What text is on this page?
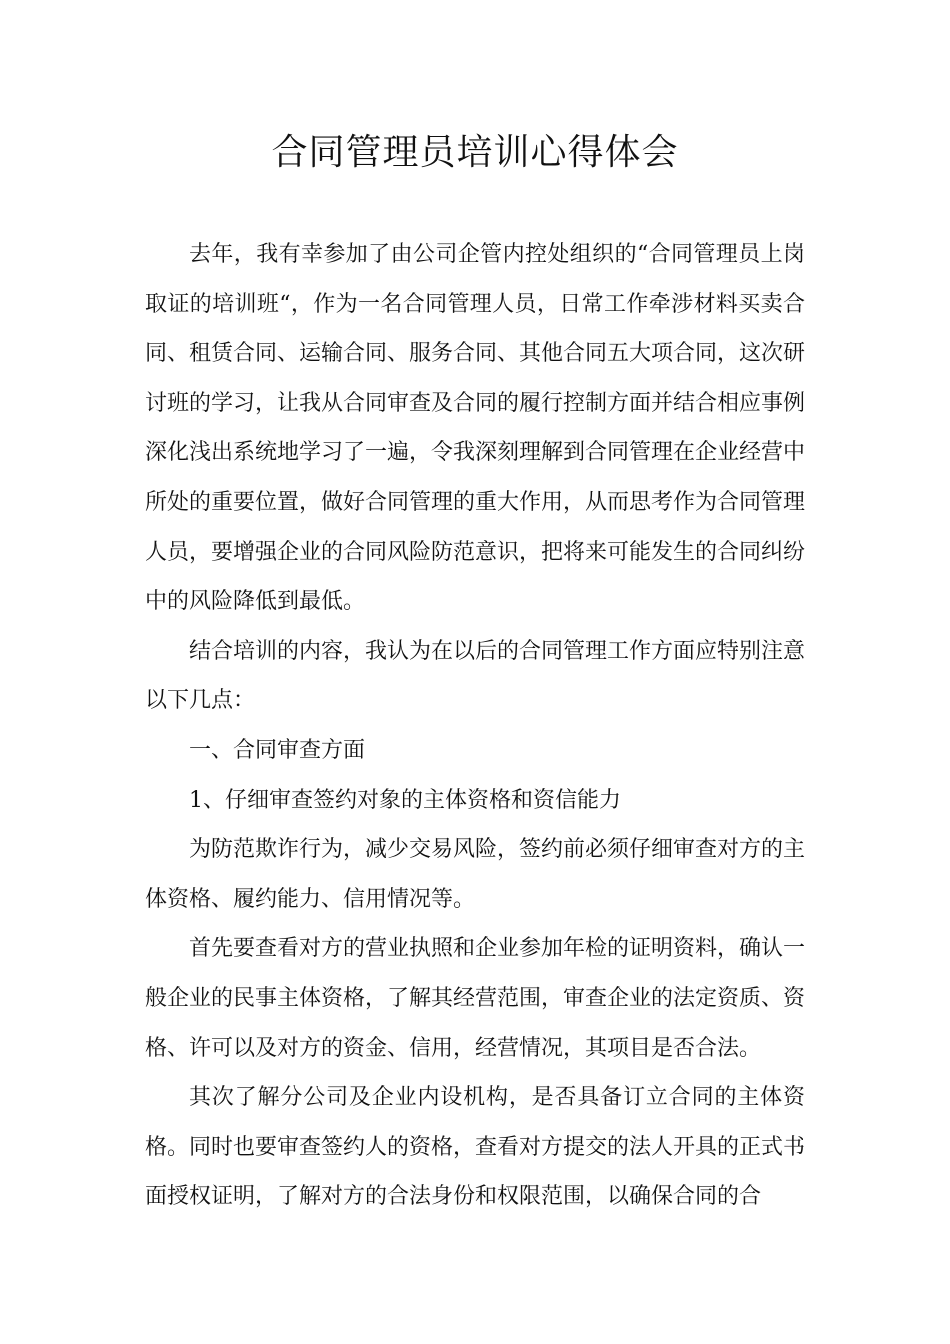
合同管理员培训心得体会

去年，我有幸参加了由公司企管内控处组织的“合同管理员上岗取证的培训班“，作为一名合同管理人员，日常工作牵涉材料买卖合同、租赁合同、运输合同、服务合同、其他合同五大项合同，这次研讨班的学习，让我从合同审查及合同的履行控制方面并结合相应事例深化浅出系统地学习了一遍，令我深刻理解到合同管理在企业经营中所处的重要位置，做好合同管理的重大作用，从而思考作为合同管理人员，要增强企业的合同风险防范意识，把将来可能发生的合同纠纷中的风险降低到最低。

结合培训的内容，我认为在以后的合同管理工作方面应特别注意以下几点：

一、合同审查方面

1、仔细审查签约对象的主体资格和资信能力

为防范欺诈行为，减少交易风险，签约前必须仔细审查对方的主体资格、履约能力、信用情况等。

首先要查看对方的营业执照和企业参加年检的证明资料，确认一般企业的民事主体资格，了解其经营范围，审查企业的法定资质、资格、许可以及对方的资金、信用，经营情况，其项目是否合法。

其次了解分公司及企业内设机构，是否具备订立合同的主体资格。同时也要审查签约人的资格，查看对方提交的法人开具的正式书面授权证明，了解对方的合法身份和权限范围，以确保合同的合
